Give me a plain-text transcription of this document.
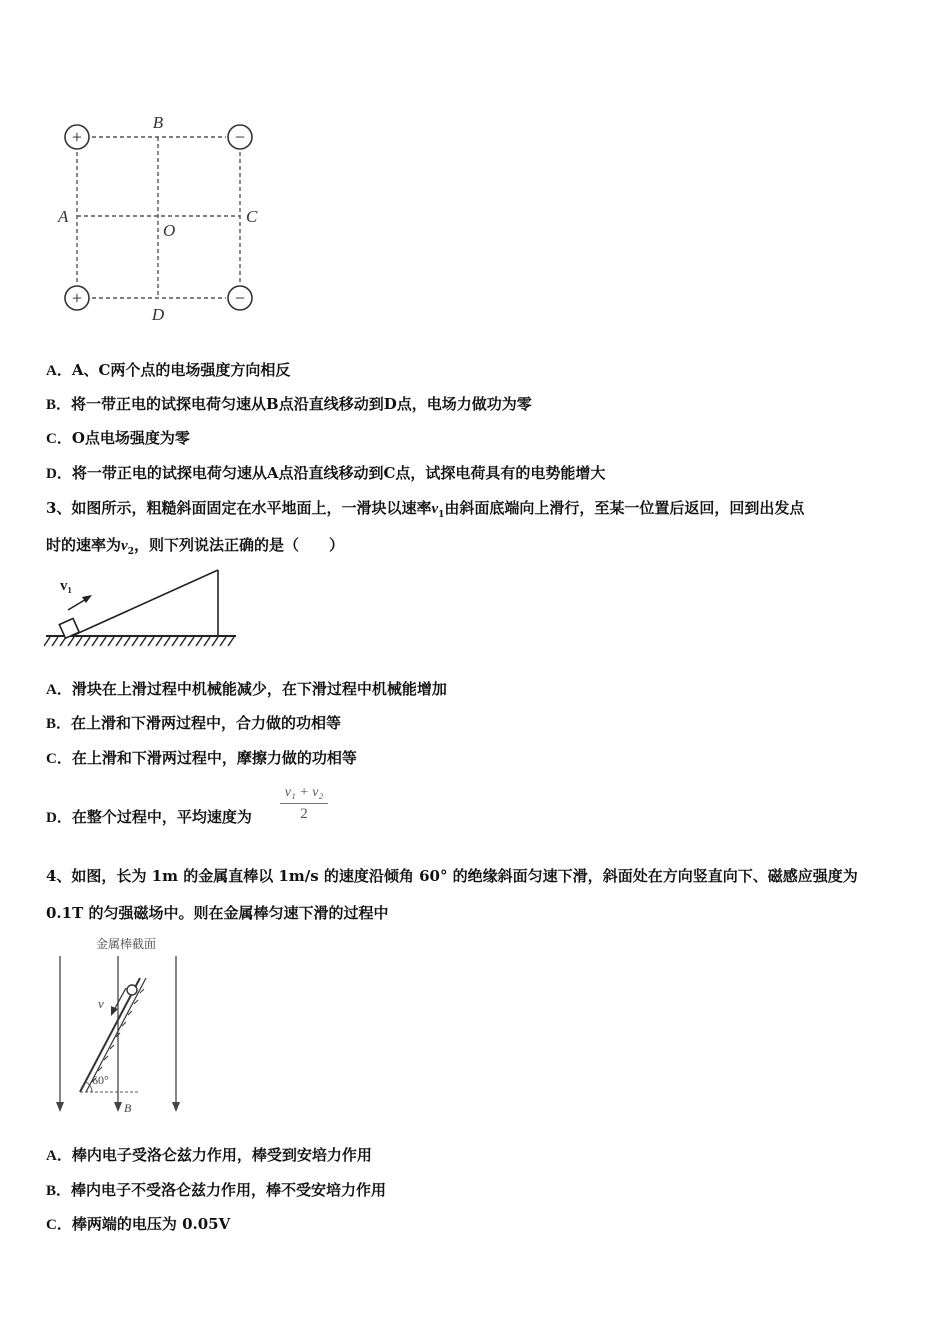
+	−
+	−
B
A	C
O
D
A．A、C两个点的电场强度方向相反
B．将一带正电的试探电荷匀速从B点沿直线移动到D点，电场力做功为零
C．O点电场强度为零
D．将一带正电的试探电荷匀速从A点沿直线移动到C点，试探电荷具有的电势能增大
3、如图所示，粗糙斜面固定在水平地面上，一滑块以速率$v_1$由斜面底端向上滑行，至某一位置后返回，回到出发点
时的速率为$v_2$，则下列说法正确的是（　　）
v₁
A．滑块在上滑过程中机械能减少，在下滑过程中机械能增加
B．在上滑和下滑两过程中，合力做的功相等
C．在上滑和下滑两过程中，摩擦力做的功相等
D．在整个过程中，平均速度为
v₁ + v₂
2
4、如图，长为 1m 的金属直棒以 1m/s 的速度沿倾角 60° 的绝缘斜面匀速下滑，斜面处在方向竖直向下、磁感应强度为
0.1T 的匀强磁场中。则在金属棒匀速下滑的过程中
金属棒截面
v
60°
B
A．棒内电子受洛仑兹力作用，棒受到安培力作用
B．棒内电子不受洛仑兹力作用，棒不受安培力作用
C．棒两端的电压为 0.05V
